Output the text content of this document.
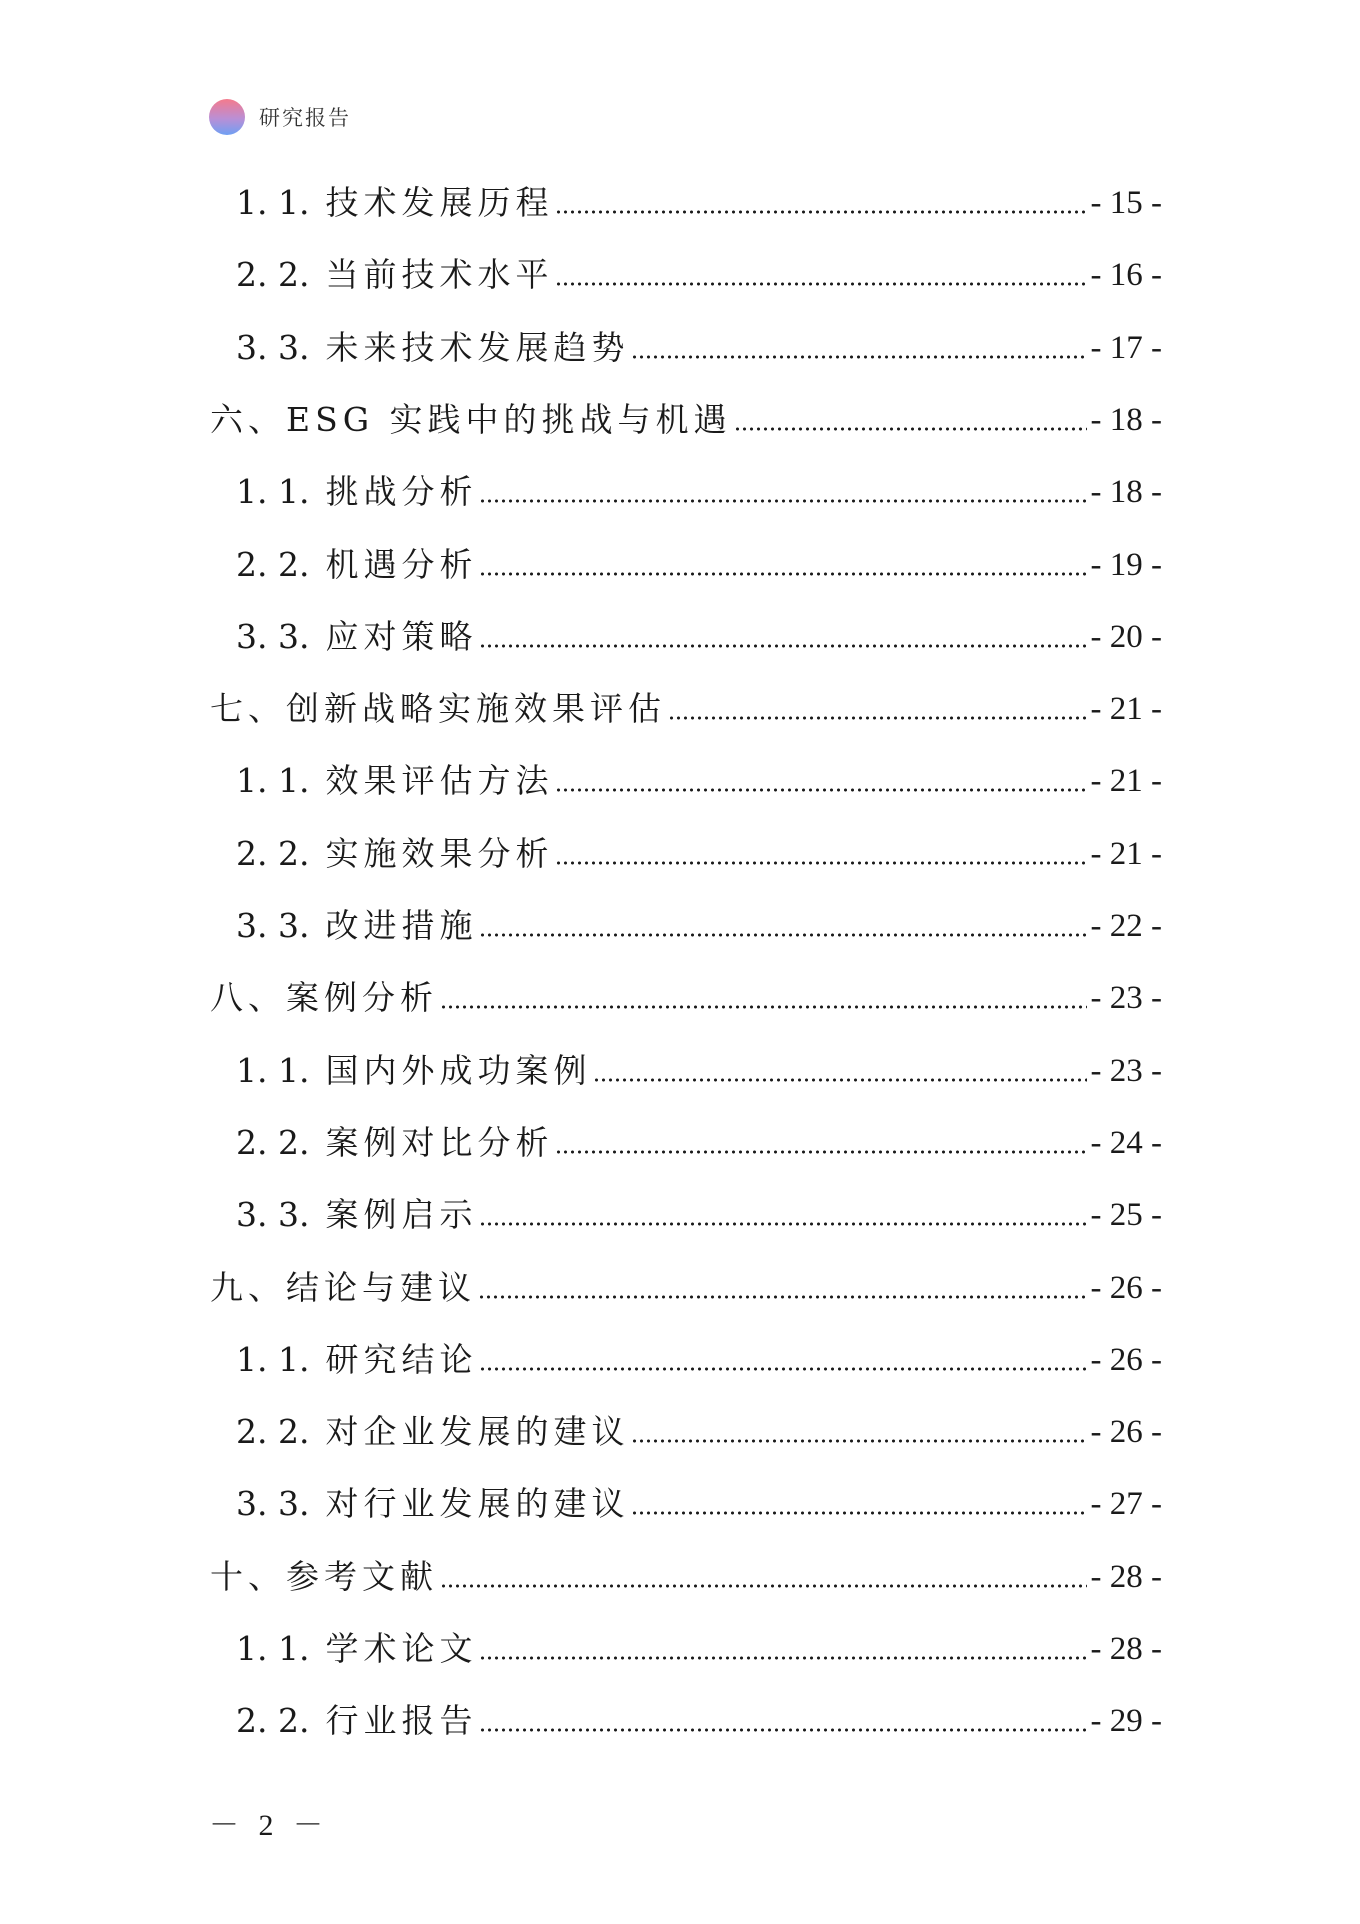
研究报告
1. 1. 技术发展历程	- 15 -
2. 2. 当前技术水平	- 16 -
3. 3. 未来技术发展趋势	- 17 -
六、ESG 实践中的挑战与机遇	- 18 -
1. 1. 挑战分析	- 18 -
2. 2. 机遇分析	- 19 -
3. 3. 应对策略	- 20 -
七、创新战略实施效果评估	- 21 -
1. 1. 效果评估方法	- 21 -
2. 2. 实施效果分析	- 21 -
3. 3. 改进措施	- 22 -
八、案例分析	- 23 -
1. 1. 国内外成功案例	- 23 -
2. 2. 案例对比分析	- 24 -
3. 3. 案例启示	- 25 -
九、结论与建议	- 26 -
1. 1. 研究结论	- 26 -
2. 2. 对企业发展的建议	- 26 -
3. 3. 对行业发展的建议	- 27 -
十、参考文献	- 28 -
1. 1. 学术论文	- 28 -
2. 2. 行业报告	- 29 -
－ 2 －
